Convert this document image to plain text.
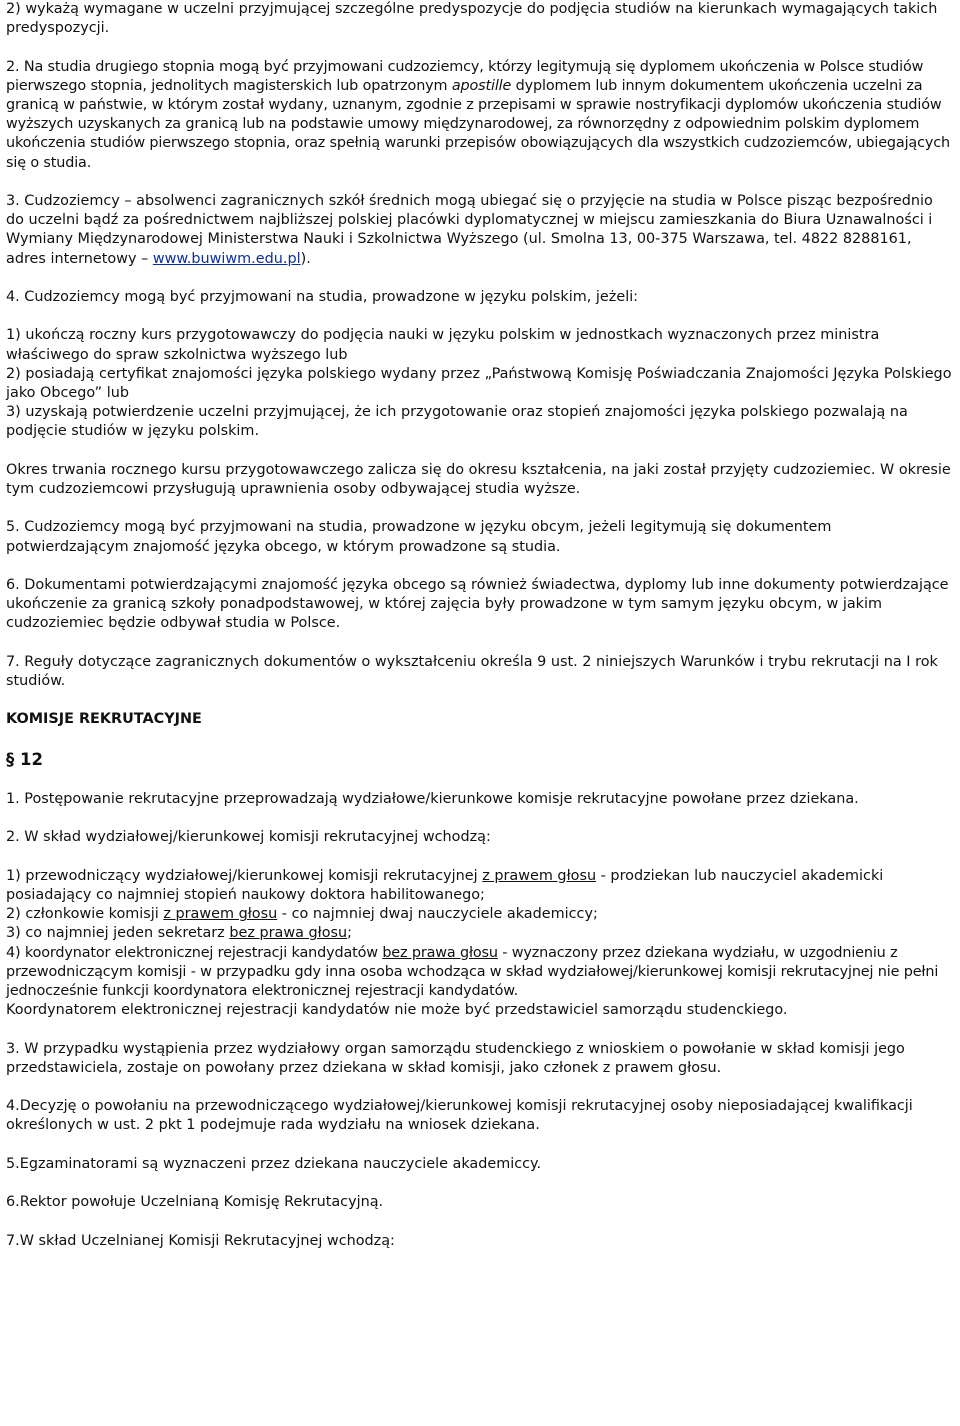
2) wykażą wymagane w uczelni przyjmującej szczególne predyspozycje do podjęcia studiów na kierunkach wymagających takich predyspozycji.

2. Na studia drugiego stopnia mogą być przyjmowani cudzoziemcy, którzy legitymują się dyplomem ukończenia w Polsce studiów pierwszego stopnia, jednolitych magisterskich lub opatrzonym apostille dyplomem lub innym dokumentem ukończenia uczelni za granicą w państwie, w którym został wydany, uznanym, zgodnie z przepisami w sprawie nostryfikacji dyplomów ukończenia studiów wyższych uzyskanych za granicą lub na podstawie umowy międzynarodowej, za równorzędny z odpowiednim polskim dyplomem ukończenia studiów pierwszego stopnia, oraz spełnią warunki przepisów obowiązujących dla wszystkich cudzoziemców, ubiegających się o studia.

3. Cudzoziemcy – absolwenci zagranicznych szkół średnich mogą ubiegać się o przyjęcie na studia w Polsce pisząc bezpośrednio do uczelni bądź za pośrednictwem najbliższej polskiej placówki dyplomatycznej w miejscu zamieszkania do Biura Uznawalności i Wymiany Międzynarodowej Ministerstwa Nauki i Szkolnictwa Wyższego (ul. Smolna 13, 00-375 Warszawa, tel. 4822 8288161, adres internetowy – www.buwiwm.edu.pl).

4. Cudzoziemcy mogą być przyjmowani na studia, prowadzone w języku polskim, jeżeli:

1) ukończą roczny kurs przygotowawczy do podjęcia nauki w języku polskim w jednostkach wyznaczonych przez ministra właściwego do spraw szkolnictwa wyższego lub

2) posiadają certyfikat znajomości języka polskiego wydany przez „Państwową Komisję Poświadczania Znajomości Języka Polskiego jako Obcego” lub

3) uzyskają potwierdzenie uczelni przyjmującej, że ich przygotowanie oraz stopień znajomości języka polskiego pozwalają na podjęcie studiów w języku polskim.

Okres trwania rocznego kursu przygotowawczego zalicza się do okresu kształcenia, na jaki został przyjęty cudzoziemiec. W okresie tym cudzoziemcowi przysługują uprawnienia osoby odbywającej studia wyższe.

5. Cudzoziemcy mogą być przyjmowani na studia, prowadzone w języku obcym, jeżeli legitymują się dokumentem potwierdzającym znajomość języka obcego, w którym prowadzone są studia.

6. Dokumentami potwierdzającymi znajomość języka obcego są również świadectwa, dyplomy lub inne dokumenty potwierdzające ukończenie za granicą szkoły ponadpodstawowej, w której zajęcia były prowadzone w tym samym języku obcym, w jakim cudzoziemiec będzie odbywał studia w Polsce.

7. Reguły dotyczące zagranicznych dokumentów o wykształceniu określa 9 ust. 2 niniejszych Warunków i trybu rekrutacji na I rok studiów.

KOMISJE REKRUTACYJNE

§ 12

1. Postępowanie rekrutacyjne przeprowadzają wydziałowe/kierunkowe komisje rekrutacyjne powołane przez dziekana.

2. W skład wydziałowej/kierunkowej komisji rekrutacyjnej wchodzą:

1) przewodniczący wydziałowej/kierunkowej komisji rekrutacyjnej z prawem głosu - prodziekan lub nauczyciel akademicki posiadający co najmniej stopień naukowy doktora habilitowanego;

2) członkowie komisji z prawem głosu - co najmniej dwaj nauczyciele akademiccy;

3) co najmniej jeden sekretarz bez prawa głosu;

4) koordynator elektronicznej rejestracji kandydatów bez prawa głosu - wyznaczony przez dziekana wydziału, w uzgodnieniu z przewodniczącym komisji - w przypadku gdy inna osoba wchodząca w skład wydziałowej/kierunkowej komisji rekrutacyjnej nie pełni jednocześnie funkcji koordynatora elektronicznej rejestracji kandydatów.

Koordynatorem elektronicznej rejestracji kandydatów nie może być przedstawiciel samorządu studenckiego.

3. W przypadku wystąpienia przez wydziałowy organ samorządu studenckiego z wnioskiem o powołanie w skład komisji jego przedstawiciela, zostaje on powołany przez dziekana w skład komisji, jako członek z prawem głosu.

4.Decyzję o powołaniu na przewodniczącego wydziałowej/kierunkowej komisji rekrutacyjnej osoby nieposiadającej kwalifikacji określonych w ust. 2 pkt 1 podejmuje rada wydziału na wniosek dziekana.

5.Egzaminatorami są wyznaczeni przez dziekana nauczyciele akademiccy.

6.Rektor powołuje Uczelnianą Komisję Rekrutacyjną.

7.W skład Uczelnianej Komisji Rekrutacyjnej wchodzą:
